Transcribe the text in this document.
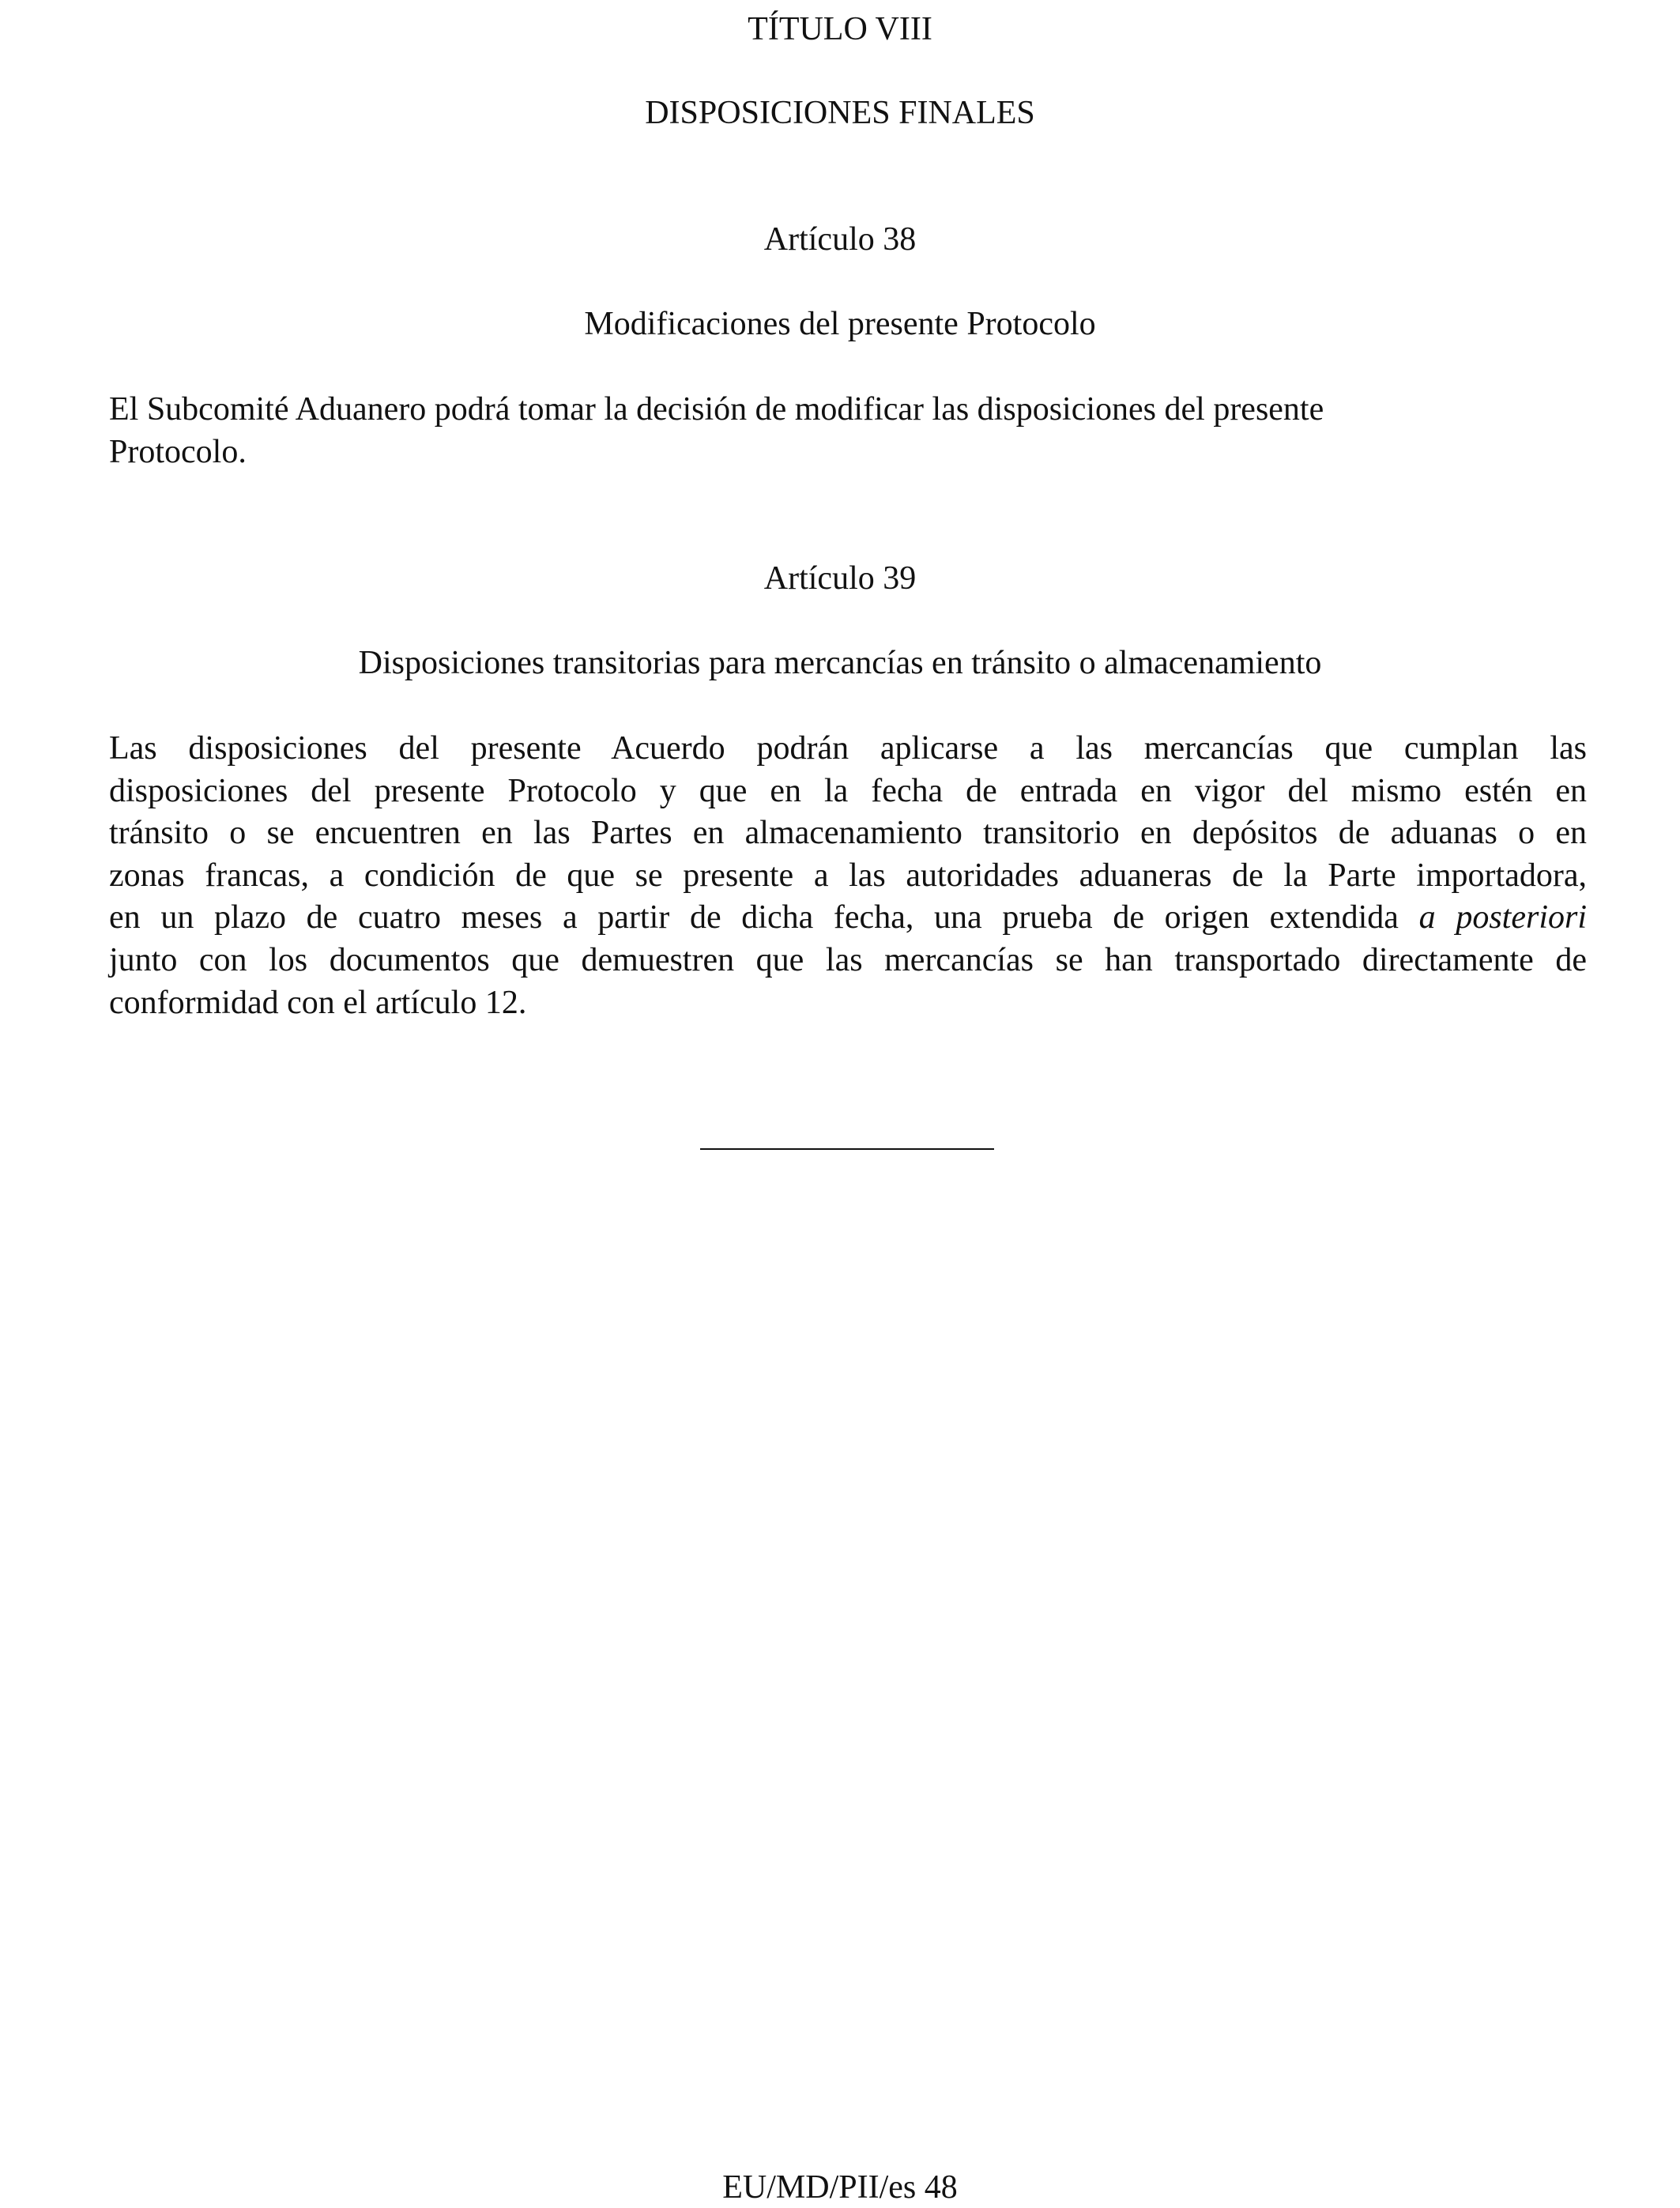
TÍTULO VIII
DISPOSICIONES FINALES
Artículo 38
Modificaciones del presente Protocolo
El Subcomité Aduanero podrá tomar la decisión de modificar las disposiciones del presente
Protocolo.
Artículo 39
Disposiciones transitorias para mercancías en tránsito o almacenamiento
Las disposiciones del presente Acuerdo podrán aplicarse a las mercancías que cumplan las
disposiciones del presente Protocolo y que en la fecha de entrada en vigor del mismo estén en
tránsito o se encuentren en las Partes en almacenamiento transitorio en depósitos de aduanas o en
zonas francas, a condición de que se presente a las autoridades aduaneras de la Parte importadora,
en un plazo de cuatro meses a partir de dicha fecha, una prueba de origen extendida a posteriori
junto con los documentos que demuestren que las mercancías se han transportado directamente de
conformidad con el artículo 12.
EU/MD/PII/es 48
